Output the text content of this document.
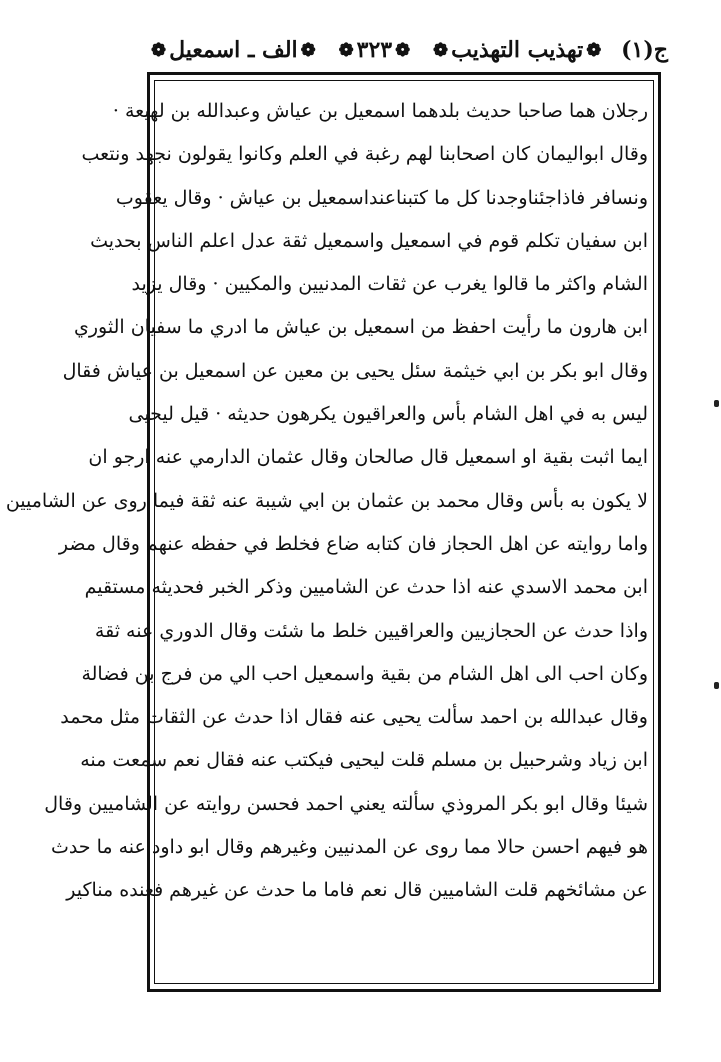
ج(١)
❁
تهذيب التهذيب
❁
❁
٣٢٣
❁
❁
الف ـ اسمعيل
❁
رجلان هما صاحبا حديث بلدهما اسمعيل بن عياش وعبدالله بن لهيعة ·
وقال ابواليمان كان اصحابنا لهم رغبة في العلم وكانوا يقولون نجهد ونتعب
ونسافر فاذاجئناوجدنا كل ما كتبناعنداسمعيل بن عياش · وقال يعقوب
ابن سفيان تكلم قوم في اسمعيل واسمعيل ثقة عدل اعلم الناس بحديث
الشام واكثر ما قالوا يغرب عن ثقات المدنيين والمكيين · وقال يزيد
ابن هارون ما رأيت احفظ من اسمعيل بن عياش ما ادري ما سفيان الثوري
وقال ابو بكر بن ابي خيثمة سئل يحيى بن معين عن اسمعيل بن عياش فقال
ليس به في اهل الشام بأس والعراقيون يكرهون حديثه · قيل ليحيى
ايما اثبت بقية او اسمعيل قال صالحان وقال عثمان الدارمي عنه ارجو ان
لا يكون به بأس وقال محمد بن عثمان بن ابي شيبة عنه ثقة فيما روى عن الشاميين
واما روايته عن اهل الحجاز فان كتابه ضاع فخلط في حفظه عنهم وقال مضر
ابن محمد الاسدي عنه اذا حدث عن الشاميين وذكر الخبر فحديثه مستقيم
واذا حدث عن الحجازيين والعراقيين خلط ما شئت وقال الدوري عنه ثقة
وكان احب الى اهل الشام من بقية واسمعيل احب الي من فرج بن فضالة
وقال عبدالله بن احمد سألت يحيى عنه فقال اذا حدث عن الثقات مثل محمد
ابن زياد وشرحبيل بن مسلم قلت ليحيى فيكتب عنه فقال نعم سمعت منه
شيئا وقال ابو بكر المروذي سألته يعني احمد فحسن روايته عن الشاميين وقال
هو فيهم احسن حالا مما روى عن المدنيين وغيرهم وقال ابو داود عنه ما حدث
عن مشائخهم قلت الشاميين قال نعم فاما ما حدث عن غيرهم فعنده مناكير
